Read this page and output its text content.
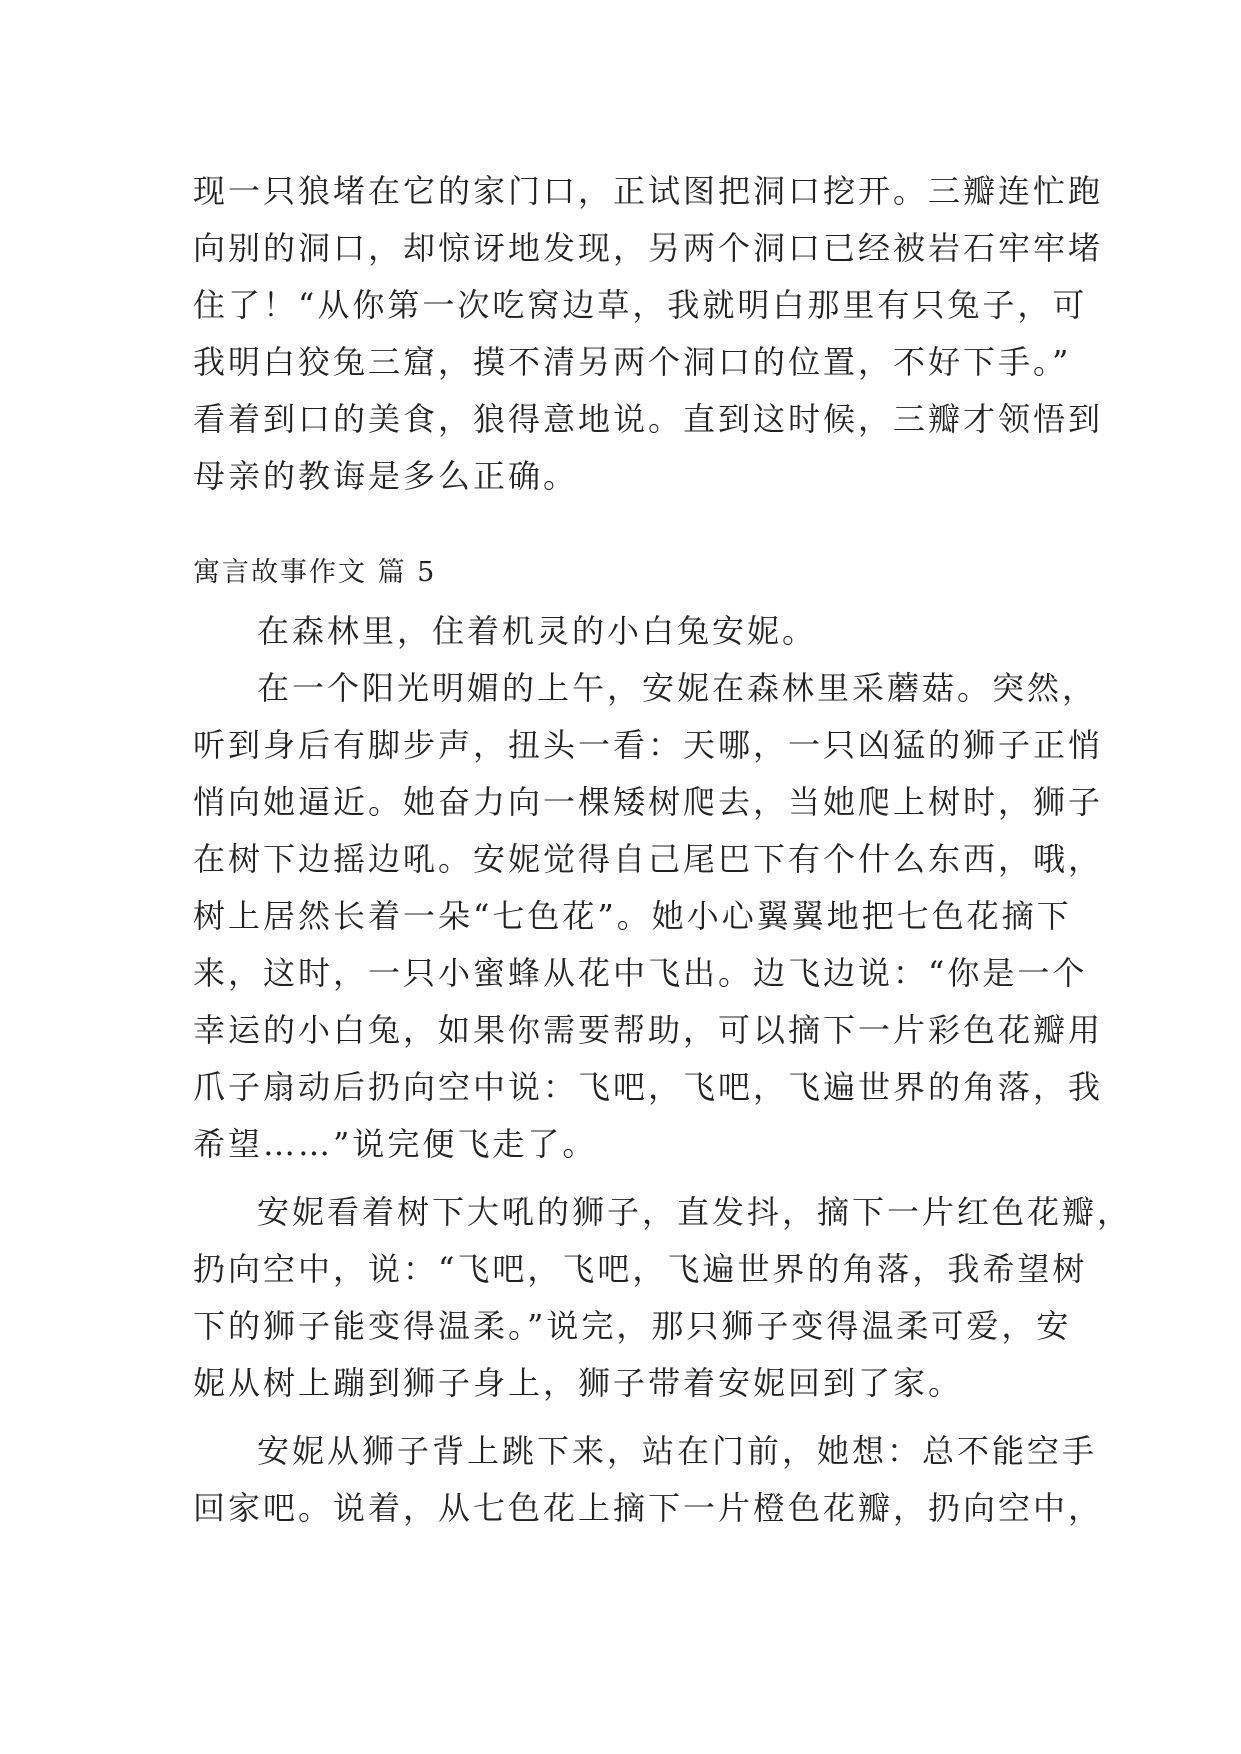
现一只狼堵在它的家门口，正试图把洞口挖开。三瓣连忙跑
向别的洞口，却惊讶地发现，另两个洞口已经被岩石牢牢堵
住了！“从你第一次吃窝边草，我就明白那里有只兔子，可
我明白狡兔三窟，摸不清另两个洞口的位置，不好下手。”
看着到口的美食，狼得意地说。直到这时候，三瓣才领悟到
母亲的教诲是多么正确。
寓言故事作文 篇 5
在森林里，住着机灵的小白兔安妮。
在一个阳光明媚的上午，安妮在森林里采蘑菇。突然，
听到身后有脚步声，扭头一看：天哪，一只凶猛的狮子正悄
悄向她逼近。她奋力向一棵矮树爬去，当她爬上树时，狮子
在树下边摇边吼。安妮觉得自己尾巴下有个什么东西，哦，
树上居然长着一朵“七色花”。她小心翼翼地把七色花摘下
来，这时，一只小蜜蜂从花中飞出。边飞边说：“你是一个
幸运的小白兔，如果你需要帮助，可以摘下一片彩色花瓣用
爪子扇动后扔向空中说：飞吧，飞吧，飞遍世界的角落，我
希望……”说完便飞走了。
安妮看着树下大吼的狮子，直发抖，摘下一片红色花瓣，
扔向空中，说：“飞吧，飞吧，飞遍世界的角落，我希望树
下的狮子能变得温柔。”说完，那只狮子变得温柔可爱，安
妮从树上蹦到狮子身上，狮子带着安妮回到了家。
安妮从狮子背上跳下来，站在门前，她想：总不能空手
回家吧。说着，从七色花上摘下一片橙色花瓣，扔向空中，
